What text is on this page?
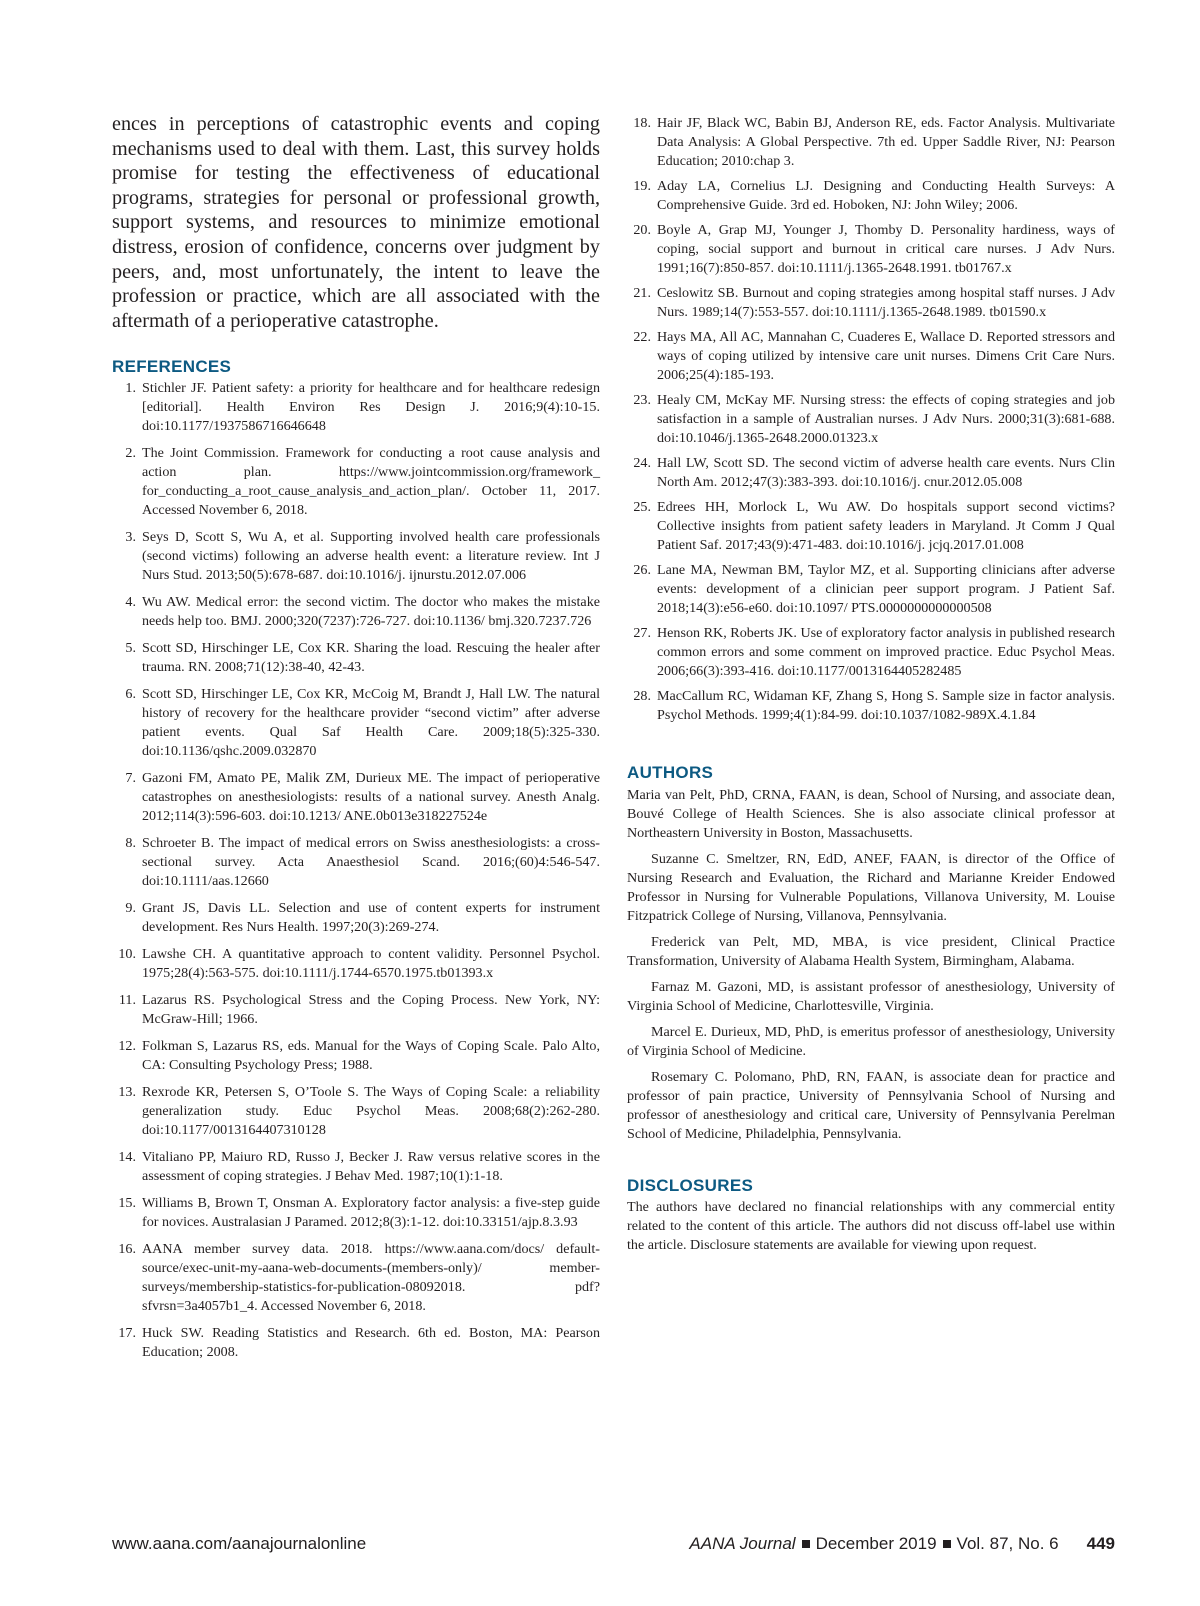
ences in perceptions of catastrophic events and coping mechanisms used to deal with them. Last, this survey holds promise for testing the effectiveness of educational programs, strategies for personal or professional growth, support systems, and resources to minimize emotional distress, erosion of confidence, concerns over judgment by peers, and, most unfortunately, the intent to leave the profession or practice, which are all associated with the aftermath of a perioperative catastrophe.

REFERENCES
1. Stichler JF. Patient safety: a priority for healthcare and for healthcare redesign [editorial]. Health Environ Res Design J. 2016;9(4):10-15. doi:10.1177/1937586716646648
2. The Joint Commission. Framework for conducting a root cause analysis and action plan. https://www.jointcommission.org/framework_ for_conducting_a_root_cause_analysis_and_action_plan/. October 11, 2017. Accessed November 6, 2018.
3. Seys D, Scott S, Wu A, et al. Supporting involved health care professionals (second victims) following an adverse health event: a literature review. Int J Nurs Stud. 2013;50(5):678-687. doi:10.1016/j. ijnurstu.2012.07.006
4. Wu AW. Medical error: the second victim. The doctor who makes the mistake needs help too. BMJ. 2000;320(7237):726-727. doi:10.1136/ bmj.320.7237.726
5. Scott SD, Hirschinger LE, Cox KR. Sharing the load. Rescuing the healer after trauma. RN. 2008;71(12):38-40, 42-43.
6. Scott SD, Hirschinger LE, Cox KR, McCoig M, Brandt J, Hall LW. The natural history of recovery for the healthcare provider “second victim” after adverse patient events. Qual Saf Health Care. 2009;18(5):325-330. doi:10.1136/qshc.2009.032870
7. Gazoni FM, Amato PE, Malik ZM, Durieux ME. The impact of perioperative catastrophes on anesthesiologists: results of a national survey. Anesth Analg. 2012;114(3):596-603. doi:10.1213/ ANE.0b013e318227524e
8. Schroeter B. The impact of medical errors on Swiss anesthesiologists: a cross-sectional survey. Acta Anaesthesiol Scand. 2016;(60)4:546-547. doi:10.1111/aas.12660
9. Grant JS, Davis LL. Selection and use of content experts for instrument development. Res Nurs Health. 1997;20(3):269-274.
10. Lawshe CH. A quantitative approach to content validity. Personnel Psychol. 1975;28(4):563-575. doi:10.1111/j.1744-6570.1975.tb01393.x
11. Lazarus RS. Psychological Stress and the Coping Process. New York, NY: McGraw-Hill; 1966.
12. Folkman S, Lazarus RS, eds. Manual for the Ways of Coping Scale. Palo Alto, CA: Consulting Psychology Press; 1988.
13. Rexrode KR, Petersen S, O’Toole S. The Ways of Coping Scale: a reliability generalization study. Educ Psychol Meas. 2008;68(2):262-280. doi:10.1177/0013164407310128
14. Vitaliano PP, Maiuro RD, Russo J, Becker J. Raw versus relative scores in the assessment of coping strategies. J Behav Med. 1987;10(1):1-18.
15. Williams B, Brown T, Onsman A. Exploratory factor analysis: a five-step guide for novices. Australasian J Paramed. 2012;8(3):1-12. doi:10.33151/ajp.8.3.93
16. AANA member survey data. 2018. https://www.aana.com/docs/ default-source/exec-unit-my-aana-web-documents-(members-only)/ member-surveys/membership-statistics-for-publication-08092018. pdf?sfvrsn=3a4057b1_4. Accessed November 6, 2018.
17. Huck SW. Reading Statistics and Research. 6th ed. Boston, MA: Pearson Education; 2008.
18. Hair JF, Black WC, Babin BJ, Anderson RE, eds. Factor Analysis. Multivariate Data Analysis: A Global Perspective. 7th ed. Upper Saddle River, NJ: Pearson Education; 2010:chap 3.
19. Aday LA, Cornelius LJ. Designing and Conducting Health Surveys: A Comprehensive Guide. 3rd ed. Hoboken, NJ: John Wiley; 2006.
20. Boyle A, Grap MJ, Younger J, Thomby D. Personality hardiness, ways of coping, social support and burnout in critical care nurses. J Adv Nurs. 1991;16(7):850-857. doi:10.1111/j.1365-2648.1991. tb01767.x
21. Ceslowitz SB. Burnout and coping strategies among hospital staff nurses. J Adv Nurs. 1989;14(7):553-557. doi:10.1111/j.1365-2648.1989. tb01590.x
22. Hays MA, All AC, Mannahan C, Cuaderes E, Wallace D. Reported stressors and ways of coping utilized by intensive care unit nurses. Dimens Crit Care Nurs. 2006;25(4):185-193.
23. Healy CM, McKay MF. Nursing stress: the effects of coping strategies and job satisfaction in a sample of Australian nurses. J Adv Nurs. 2000;31(3):681-688. doi:10.1046/j.1365-2648.2000.01323.x
24. Hall LW, Scott SD. The second victim of adverse health care events. Nurs Clin North Am. 2012;47(3):383-393. doi:10.1016/j. cnur.2012.05.008
25. Edrees HH, Morlock L, Wu AW. Do hospitals support second victims? Collective insights from patient safety leaders in Maryland. Jt Comm J Qual Patient Saf. 2017;43(9):471-483. doi:10.1016/j. jcjq.2017.01.008
26. Lane MA, Newman BM, Taylor MZ, et al. Supporting clinicians after adverse events: development of a clinician peer support program. J Patient Saf. 2018;14(3):e56-e60. doi:10.1097/ PTS.0000000000000508
27. Henson RK, Roberts JK. Use of exploratory factor analysis in published research common errors and some comment on improved practice. Educ Psychol Meas. 2006;66(3):393-416. doi:10.1177/0013164405282485
28. MacCallum RC, Widaman KF, Zhang S, Hong S. Sample size in factor analysis. Psychol Methods. 1999;4(1):84-99. doi:10.1037/1082-989X.4.1.84
AUTHORS

Maria van Pelt, PhD, CRNA, FAAN, is dean, School of Nursing, and associate dean, Bouvé College of Health Sciences. She is also associate clinical professor at Northeastern University in Boston, Massachusetts.

Suzanne C. Smeltzer, RN, EdD, ANEF, FAAN, is director of the Office of Nursing Research and Evaluation, the Richard and Marianne Kreider Endowed Professor in Nursing for Vulnerable Populations, Villanova University, M. Louise Fitzpatrick College of Nursing, Villanova, Pennsylvania.

Frederick van Pelt, MD, MBA, is vice president, Clinical Practice Transformation, University of Alabama Health System, Birmingham, Alabama.

Farnaz M. Gazoni, MD, is assistant professor of anesthesiology, University of Virginia School of Medicine, Charlottesville, Virginia.

Marcel E. Durieux, MD, PhD, is emeritus professor of anesthesiology, University of Virginia School of Medicine.

Rosemary C. Polomano, PhD, RN, FAAN, is associate dean for practice and professor of pain practice, University of Pennsylvania School of Nursing and professor of anesthesiology and critical care, University of Pennsylvania Perelman School of Medicine, Philadelphia, Pennsylvania.

DISCLOSURES

The authors have declared no financial relationships with any commercial entity related to the content of this article. The authors did not discuss off-label use within the article. Disclosure statements are available for viewing upon request.

www.aana.com/aanajournalonline	AANA Journal December 2019 Vol. 87, No. 6 449
